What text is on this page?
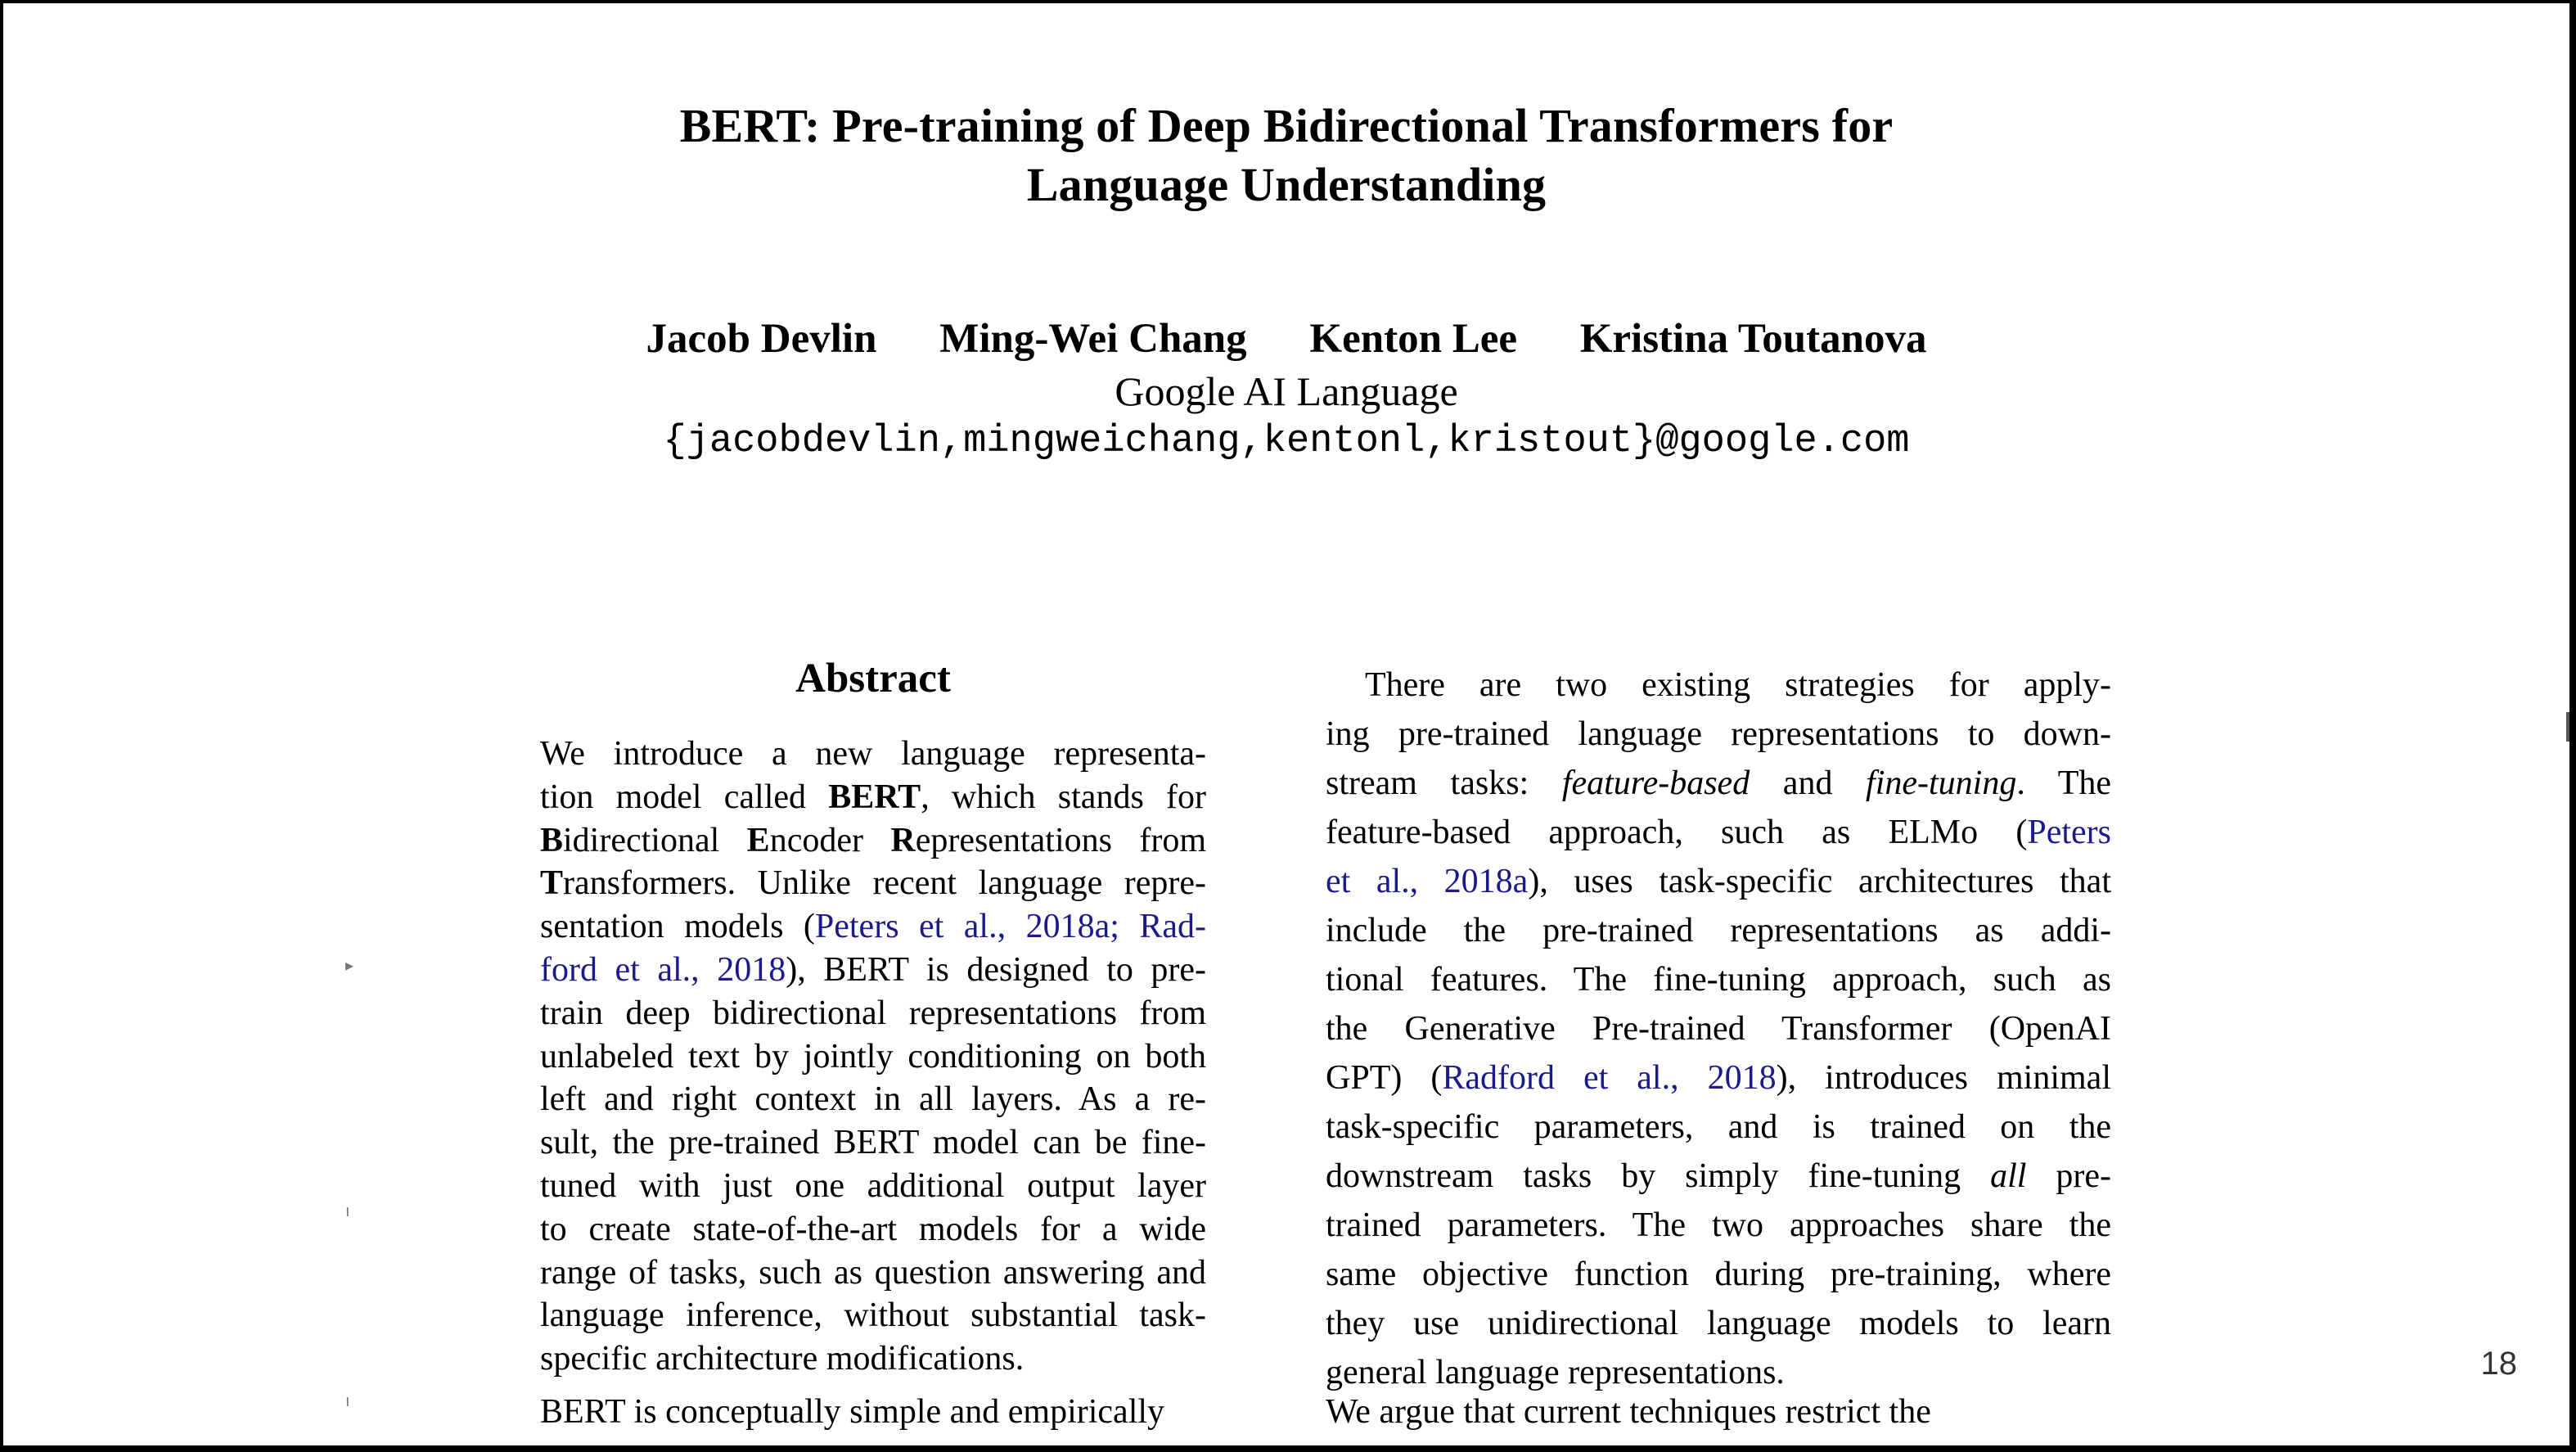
BERT: Pre-training of Deep Bidirectional Transformers for
Language Understanding
Jacob Devlin Ming-Wei Chang Kenton Lee Kristina Toutanova
Google AI Language
{jacobdevlin,mingweichang,kentonl,kristout}@google.com
Abstract
We introduce a new language representa-
tion model called BERT, which stands for
Bidirectional Encoder Representations from
Transformers. Unlike recent language repre-
sentation models (Peters et al., 2018a; Rad-
ford et al., 2018), BERT is designed to pre-
train deep bidirectional representations from
unlabeled text by jointly conditioning on both
left and right context in all layers. As a re-
sult, the pre-trained BERT model can be fine-
tuned with just one additional output layer
to create state-of-the-art models for a wide
range of tasks, such as question answering and
language inference, without substantial task-
specific architecture modifications.
There are two existing strategies for apply-
ing pre-trained language representations to down-
stream tasks: feature-based and fine-tuning. The
feature-based approach, such as ELMo (Peters
et al., 2018a), uses task-specific architectures that
include the pre-trained representations as addi-
tional features. The fine-tuning approach, such as
the Generative Pre-trained Transformer (OpenAI
GPT) (Radford et al., 2018), introduces minimal
task-specific parameters, and is trained on the
downstream tasks by simply fine-tuning all pre-
trained parameters. The two approaches share the
same objective function during pre-training, where
they use unidirectional language models to learn
general language representations.
BERT is conceptually simple and empirically	We argue that current techniques restrict the
18
▸
ı
ı
